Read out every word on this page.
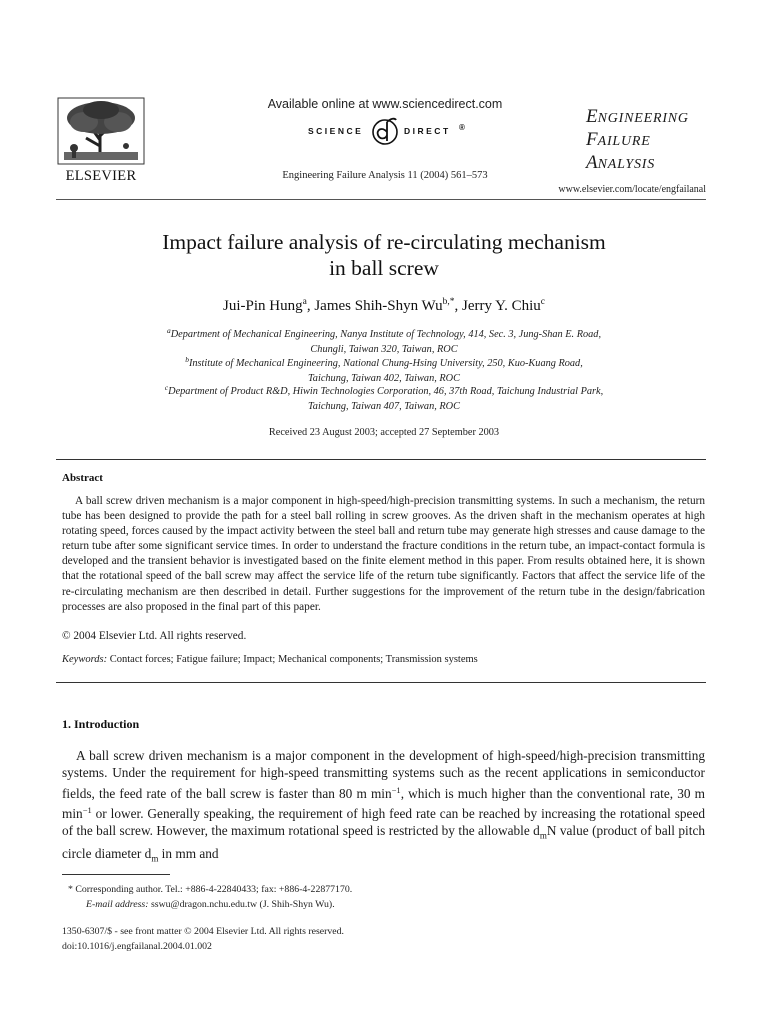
ELSEVIER
Available online at www.sciencedirect.com
SCIENCE	DIRECT ®
Engineering Failure Analysis 11 (2004) 561–573
ENGINEERING
FAILURE
ANALYSIS
www.elsevier.com/locate/engfailanal
Impact failure analysis of re-circulating mechanism
in ball screw
Jui-Pin Hung$^a$, James Shih-Shyn $Wu^{b,*}$, Jerry Y. Chiu$^c$
$^a$Department of Mechanical Engineering, Nanya Institute of Technology, 414, Sec. 3, Jung-Shan E. Road,
Chungli, Taiwan 320, Taiwan, ROC
$^b$Institute of Mechanical Engineering, National Chung-Hsing University, 250, Kuo-Kuang Road,
Taichung, Taiwan 402, Taiwan, ROC
$^c$Department of Product R&D, Hiwin Technologies Corporation, 46, 37th Road, Taichung Industrial Park,
Taichung, Taiwan 407, Taiwan, ROC
Received 23 August 2003; accepted 27 September 2003
Abstract

A ball screw driven mechanism is a major component in high-speed/high-precision transmitting systems. In such a mechanism, the return tube has been designed to provide the path for a steel ball rolling in screw grooves. As the driven shaft in the mechanism operates at high rotating speed, forces caused by the impact activity between the steel ball and return tube may generate high stresses and cause damage to the return tube after some significant service times. In order to understand the fracture conditions in the return tube, an impact-contact formula is developed and the transient behavior is investigated based on the finite element method in this paper. From results obtained here, it is shown that the rotational speed of the ball screw may affect the service life of the return tube significantly. Factors that affect the service life of the re-circulating mechanism are then described in detail. Further suggestions for the improvement of the return tube in the design/fabrication processes are also proposed in the final part of this paper.

© 2004 Elsevier Ltd. All rights reserved.
Keywords: Contact forces; Fatigue failure; Impact; Mechanical components; Transmission systems
1. Introduction

A ball screw driven mechanism is a major component in the development of high-speed/high-precision transmitting systems. Under the requirement for high-speed transmitting systems such as the recent applications in semiconductor fields, the feed rate of the ball screw is faster than 80 m $\min^{-1}$, which is much higher than the conventional rate, 30 m $\min^{-1}$ or lower. Generally speaking, the requirement of high feed rate can be reached by increasing the rotational speed of the ball screw. However, the maximum rotational speed is restricted by the allowable $d_mN$ value (product of ball pitch circle diameter $d_m$ in mm and

* Corresponding author. Tel.: +886-4-22840433; fax: +886-4-22877170.
E-mail address: sswu@dragon.nchu.edu.tw (J. Shih-Shyn Wu).
1350-6307/$ - see front matter © 2004 Elsevier Ltd. All rights reserved.
doi:10.1016/j.engfailanal.2004.01.002
